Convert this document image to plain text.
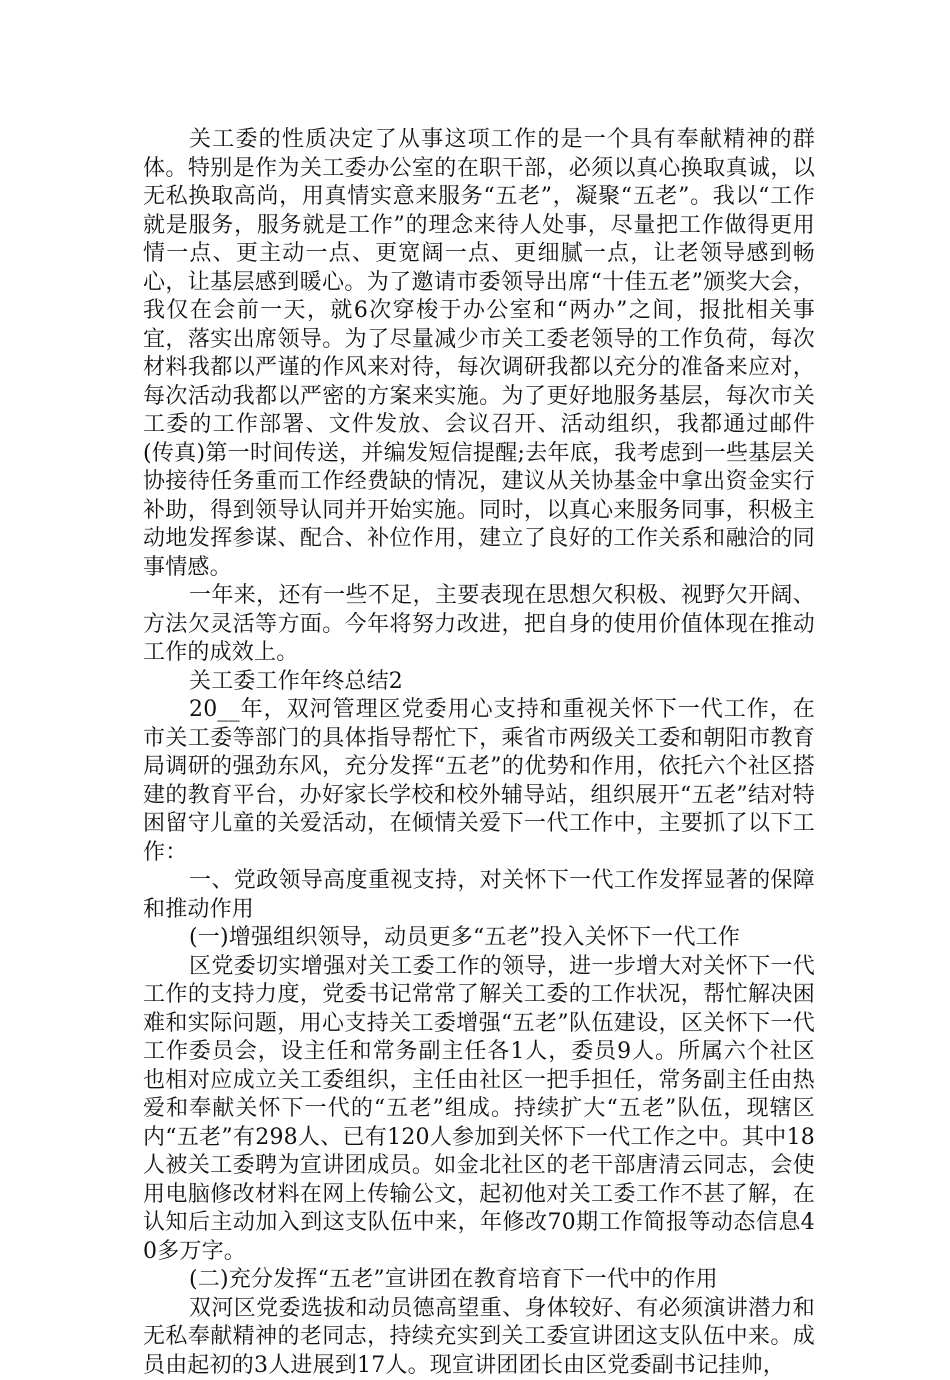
关工委的性质决定了从事这项工作的是一个具有奉献精神的群体。特别是作为关工委办公室的在职干部，必须以真心换取真诚，以无私换取高尚，用真情实意来服务“五老”，凝聚“五老”。我以“工作就是服务，服务就是工作”的理念来待人处事，尽量把工作做得更用情一点、更主动一点、更宽阔一点、更细腻一点，让老领导感到畅心，让基层感到暖心。为了邀请市委领导出席“十佳五老”颁奖大会，我仅在会前一天，就6次穿梭于办公室和“两办”之间，报批相关事宜，落实出席领导。为了尽量减少市关工委老领导的工作负荷，每次材料我都以严谨的作风来对待，每次调研我都以充分的准备来应对，每次活动我都以严密的方案来实施。为了更好地服务基层，每次市关工委的工作部署、文件发放、会议召开、活动组织，我都通过邮件(传真)第一时间传送，并编发短信提醒;去年底，我考虑到一些基层关协接待任务重而工作经费缺的情况，建议从关协基金中拿出资金实行补助，得到领导认同并开始实施。同时，以真心来服务同事，积极主动地发挥参谋、配合、补位作用，建立了良好的工作关系和融洽的同事情感。

一年来，还有一些不足，主要表现在思想欠积极、视野欠开阔、方法欠灵活等方面。今年将努力改进，把自身的使用价值体现在推动工作的成效上。

关工委工作年终总结2

20__年，双河管理区党委用心支持和重视关怀下一代工作，在市关工委等部门的具体指导帮忙下，乘省市两级关工委和朝阳市教育局调研的强劲东风，充分发挥“五老”的优势和作用，依托六个社区搭建的教育平台，办好家长学校和校外辅导站，组织展开“五老”结对特困留守儿童的关爱活动，在倾情关爱下一代工作中，主要抓了以下工作：

一、党政领导高度重视支持，对关怀下一代工作发挥显著的保障和推动作用

(一)增强组织领导，动员更多“五老”投入关怀下一代工作

区党委切实增强对关工委工作的领导，进一步增大对关怀下一代工作的支持力度，党委书记常常了解关工委的工作状况，帮忙解决困难和实际问题，用心支持关工委增强“五老”队伍建设，区关怀下一代工作委员会，设主任和常务副主任各1人，委员9人。所属六个社区也相对应成立关工委组织，主任由社区一把手担任，常务副主任由热爱和奉献关怀下一代的“五老”组成。持续扩大“五老”队伍，现辖区内“五老”有298人、已有120人参加到关怀下一代工作之中。其中18人被关工委聘为宣讲团成员。如金北社区的老干部唐清云同志，会使用电脑修改材料在网上传输公文，起初他对关工委工作不甚了解，在认知后主动加入到这支队伍中来，年修改70期工作简报等动态信息40多万字。

(二)充分发挥“五老”宣讲团在教育培育下一代中的作用

双河区党委选拔和动员德高望重、身体较好、有必须演讲潜力和无私奉献精神的老同志，持续充实到关工委宣讲团这支队伍中来。成员由起初的3人进展到17人。现宣讲团团长由区党委副书记挂帅，
